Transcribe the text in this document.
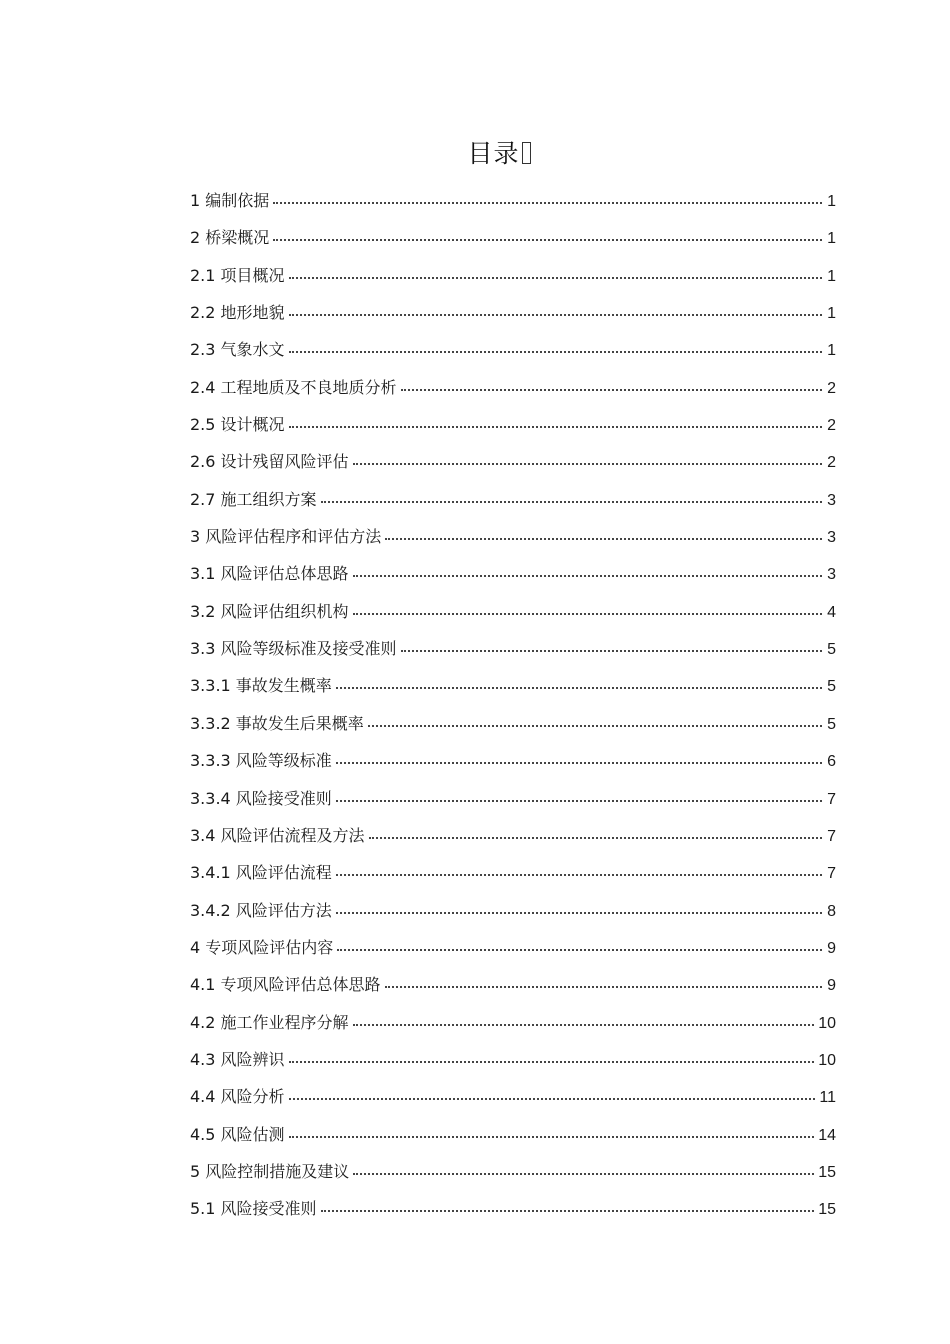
目录
1 编制依据	1
2 桥梁概况	1
2.1 项目概况	1
2.2 地形地貌	1
2.3 气象水文	1
2.4 工程地质及不良地质分析	2
2.5 设计概况	2
2.6 设计残留风险评估	2
2.7 施工组织方案	3
3 风险评估程序和评估方法	3
3.1 风险评估总体思路	3
3.2 风险评估组织机构	4
3.3 风险等级标准及接受准则	5
3.3.1 事故发生概率	5
3.3.2 事故发生后果概率	5
3.3.3 风险等级标准	6
3.3.4 风险接受准则	7
3.4 风险评估流程及方法	7
3.4.1 风险评估流程	7
3.4.2 风险评估方法	8
4 专项风险评估内容	9
4.1 专项风险评估总体思路	9
4.2 施工作业程序分解	10
4.3 风险辨识	10
4.4 风险分析	11
4.5 风险估测	14
5 风险控制措施及建议	15
5.1 风险接受准则	15
